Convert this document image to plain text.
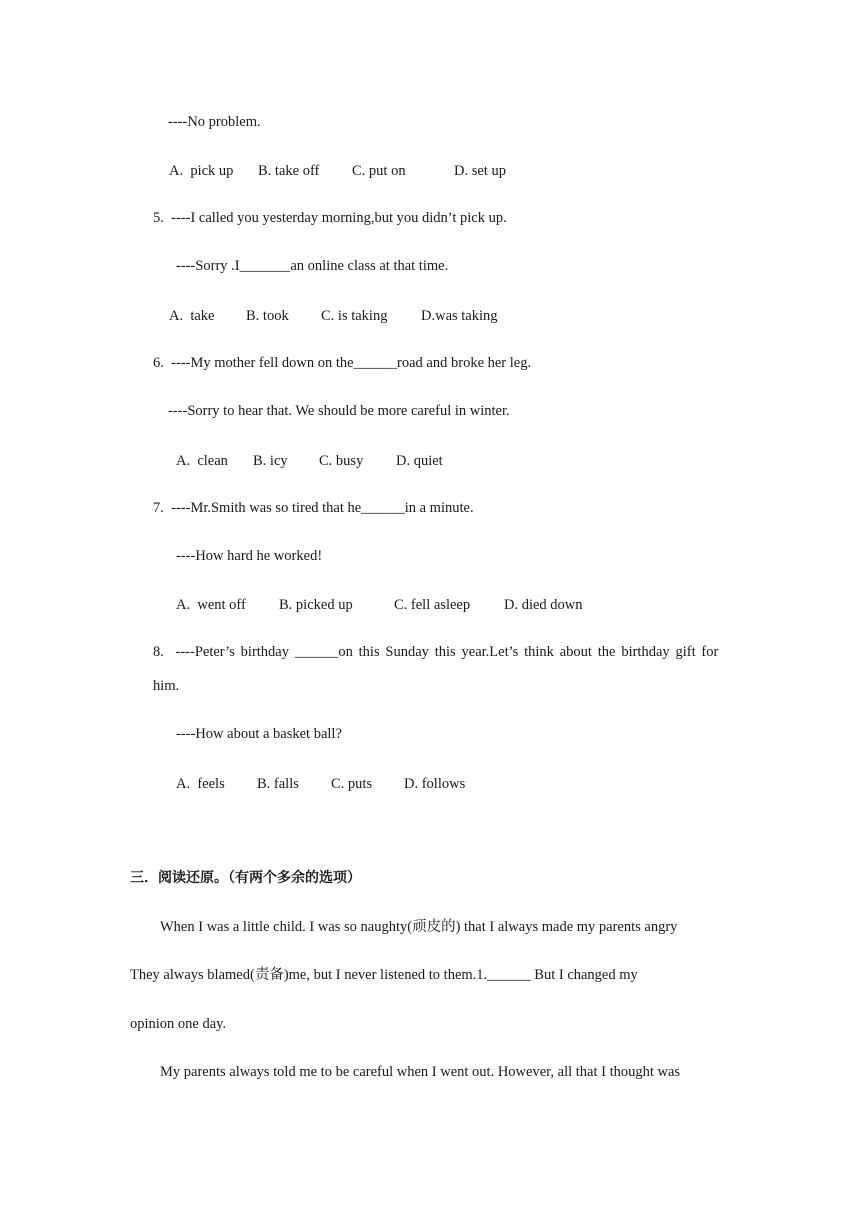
----No problem.
A.  pick up B. take off C. put on	D. set up
5.  ----I called you yesterday morning,but you didn’t pick up.
----Sorry .I_______an online class at that time.
A.  take B. took C. is taking D.was taking
6.  ----My mother fell down on the______road and broke her leg.
----Sorry to hear that. We should be more careful in winter.
A.  clean B. icy C. busy D. quiet
7.  ----Mr.Smith was so tired that he______in a minute.
----How hard he worked!
A.  went off B. picked up	C. fell asleep D. died down
8.  ----Peter’s birthday ______on this Sunday this year.Let’s think about the birthday gift for
him.
----How about a basket ball?
A.  feels B. falls C. puts D. follows
三．阅读还原。（有两个多余的选项）
When I was a little child. I was so naughty(顽皮的) that I always made my parents angry
They always blamed(责备)me, but I never listened to them.1.______ But I changed my
opinion one day.
My parents always told me to be careful when I went out. However, all that I thought was
